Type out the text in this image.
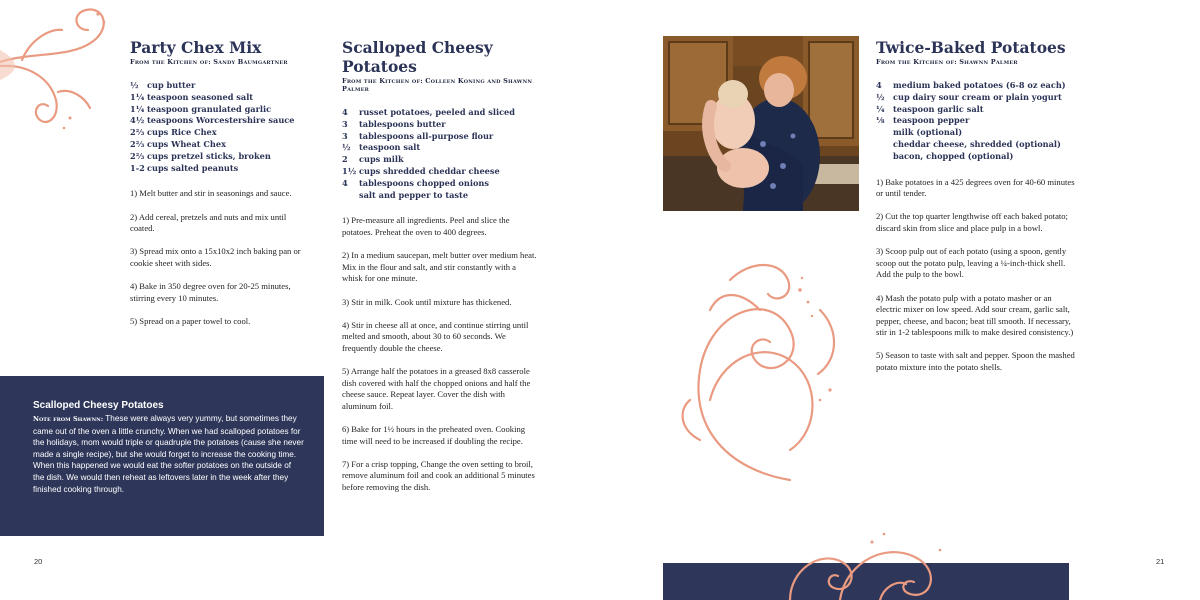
Party Chex Mix
From the Kitchen of: Sandy Baumgartner
½	cup butter
1¼ teaspoon seasoned salt
1¼ teaspoon granulated garlic
4½ teaspoons Worcestershire sauce
2⅔ cups Rice Chex
2⅔ cups Wheat Chex
2⅔ cups pretzel sticks, broken
1-2 cups salted peanuts

1) Melt butter and stir in seasonings and sauce.

2) Add cereal, pretzels and nuts and mix until coated.

3) Spread mix onto a 15x10x2 inch baking pan or cookie sheet with sides.

4) Bake in 350 degree oven for 20-25 minutes, stirring every 10 minutes.

5) Spread on a paper towel to cool.

Scalloped Cheesy Potatoes
Note from Shawnn: These were always very yummy, but sometimes they came out of the oven a little crunchy. When we had scalloped potatoes for the holidays, mom would triple or quadruple the potatoes (cause she never made a single recipe), but she would forget to increase the cooking time. When this happened we would eat the softer potatoes on the outside of the dish. We would then reheat as leftovers later in the week after they finished cooking through.
Scalloped Cheesy
Potatoes
From the Kitchen of: Colleen Koning and Shawnn Palmer
4	russet potatoes, peeled and sliced
3	tablespoons butter
3	tablespoons all-purpose flour
½	teaspoon salt
2	cups milk
1½ cups shredded cheddar cheese
4	tablespoons chopped onions
salt and pepper to taste

1) Pre-measure all ingredients. Peel and slice the potatoes. Preheat the oven to 400 degrees.

2) In a medium saucepan, melt butter over medium heat. Mix in the flour and salt, and stir constantly with a whisk for one minute.

3) Stir in milk. Cook until mixture has thickened.

4) Stir in cheese all at once, and continue stirring until melted and smooth, about 30 to 60 seconds. We frequently double the cheese.

5) Arrange half the potatoes in a greased 8x8 casserole dish covered with half the chopped onions and half the cheese sauce. Repeat layer. Cover the dish with aluminum foil.

6) Bake for 1½ hours in the preheated oven. Cooking time will need to be increased if doubling the recipe.

7) For a crisp topping, Change the oven setting to broil, remove aluminum foil and cook an additional 5 minutes before removing the dish.

20
Twice-Baked Potatoes
From the Kitchen of: Shawnn Palmer
4	medium baked potatoes (6-8 oz each)
½	cup dairy sour cream or plain yogurt
¼	teaspoon garlic salt
⅛	teaspoon pepper
milk (optional)
cheddar cheese, shredded (optional)
bacon, chopped (optional)

1) Bake potatoes in a 425 degrees oven for 40-60 minutes or until tender.

2) Cut the top quarter lengthwise off each baked potato; discard skin from slice and place pulp in a bowl.

3) Scoop pulp out of each potato (using a spoon, gently scoop out the potato pulp, leaving a ¼-inch-thick shell. Add the pulp to the bowl.

4) Mash the potato pulp with a potato masher or an electric mixer on low speed. Add sour cream, garlic salt, pepper, cheese, and bacon; beat till smooth. If necessary, stir in 1-2 tablespoons milk to make desired consistency.)

5) Season to taste with salt and pepper. Spoon the mashed potato mixture into the potato shells.

21
